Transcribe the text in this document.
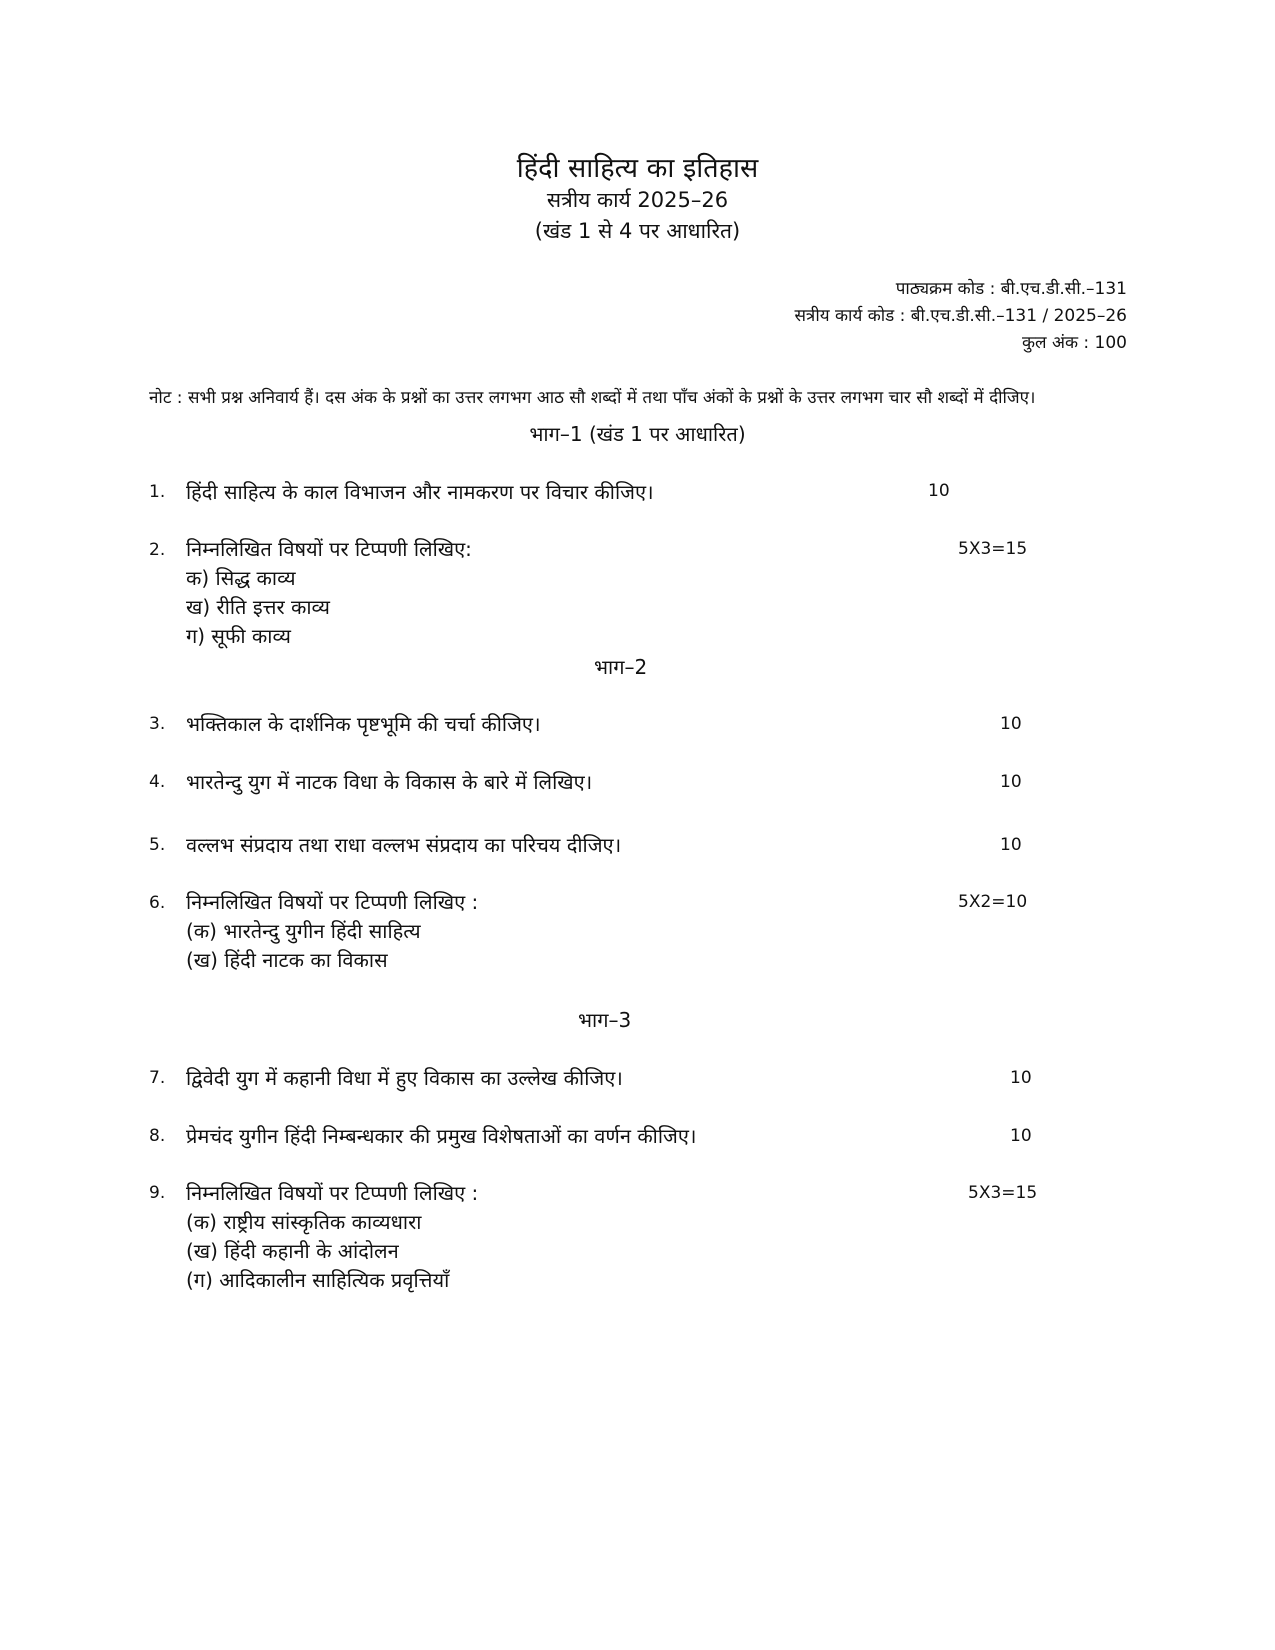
हिंदी साहित्य का इतिहास
सत्रीय कार्य 2025–26
(खंड 1 से 4 पर आधारित)
पाठ्यक्रम कोड : बी.एच.डी.सी.–131
सत्रीय कार्य कोड : बी.एच.डी.सी.–131 / 2025–26
कुल अंक : 100
नोट : सभी प्रश्न अनिवार्य हैं। दस अंक के प्रश्नों का उत्तर लगभग आठ सौ शब्दों में तथा पाँच अंकों के प्रश्नों के उत्तर लगभग चार सौ शब्दों में दीजिए।
भाग–1 (खंड 1 पर आधारित)
1. हिंदी साहित्य के काल विभाजन और नामकरण पर विचार कीजिए।	10
2. निम्नलिखित विषयों पर टिप्पणी लिखिए:	5X3=15
क) सिद्ध काव्य
ख) रीति इत्तर काव्य
ग) सूफी काव्य
भाग–2
3. भक्तिकाल के दार्शनिक पृष्टभूमि की चर्चा कीजिए।	10
4. भारतेन्दु युग में नाटक विधा के विकास के बारे में लिखिए।	10
5. वल्लभ संप्रदाय तथा राधा वल्लभ संप्रदाय का परिचय दीजिए।	10
6. निम्नलिखित विषयों पर टिप्पणी लिखिए :	5X2=10
(क) भारतेन्दु युगीन हिंदी साहित्य
(ख) हिंदी नाटक का विकास
भाग–3
7. द्विवेदी युग में कहानी विधा में हुए विकास का उल्लेख कीजिए।	10
8. प्रेमचंद युगीन हिंदी निम्बन्धकार की प्रमुख विशेषताओं का वर्णन कीजिए।	10
9. निम्नलिखित विषयों पर टिप्पणी लिखिए :	5X3=15
(क) राष्ट्रीय सांस्कृतिक काव्यधारा
(ख) हिंदी कहानी के आंदोलन
(ग) आदिकालीन साहित्यिक प्रवृत्तियाँ
